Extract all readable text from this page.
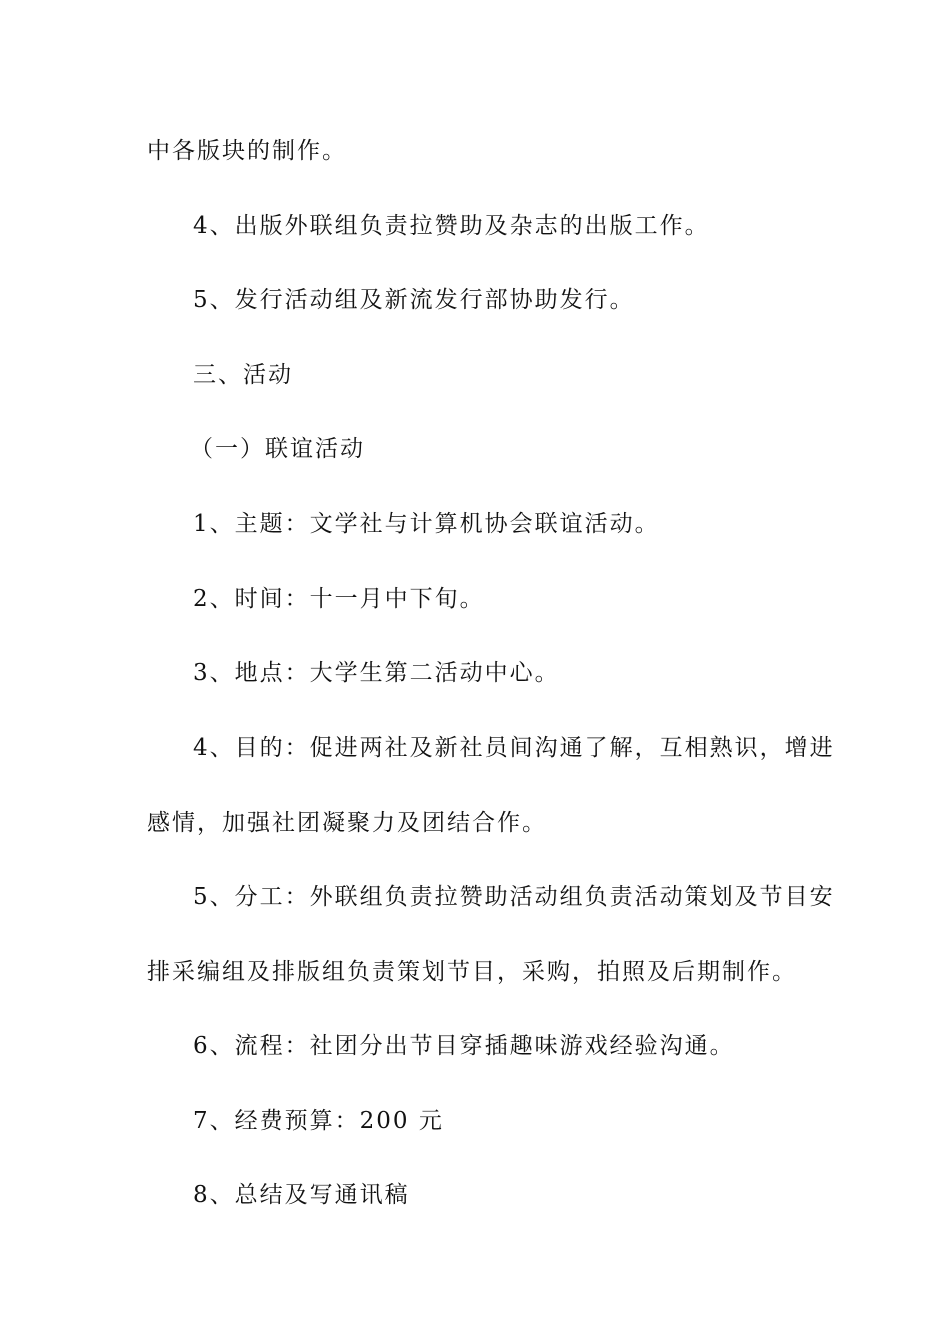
中各版块的制作。
4、出版外联组负责拉赞助及杂志的出版工作。
5、发行活动组及新流发行部协助发行。
三、活动
（一）联谊活动
1、主题：文学社与计算机协会联谊活动。
2、时间：十一月中下旬。
3、地点：大学生第二活动中心。
4、目的：促进两社及新社员间沟通了解，互相熟识，增进
感情，加强社团凝聚力及团结合作。
5、分工：外联组负责拉赞助活动组负责活动策划及节目安
排采编组及排版组负责策划节目，采购，拍照及后期制作。
6、流程：社团分出节目穿插趣味游戏经验沟通。
7、经费预算：200 元
8、总结及写通讯稿
